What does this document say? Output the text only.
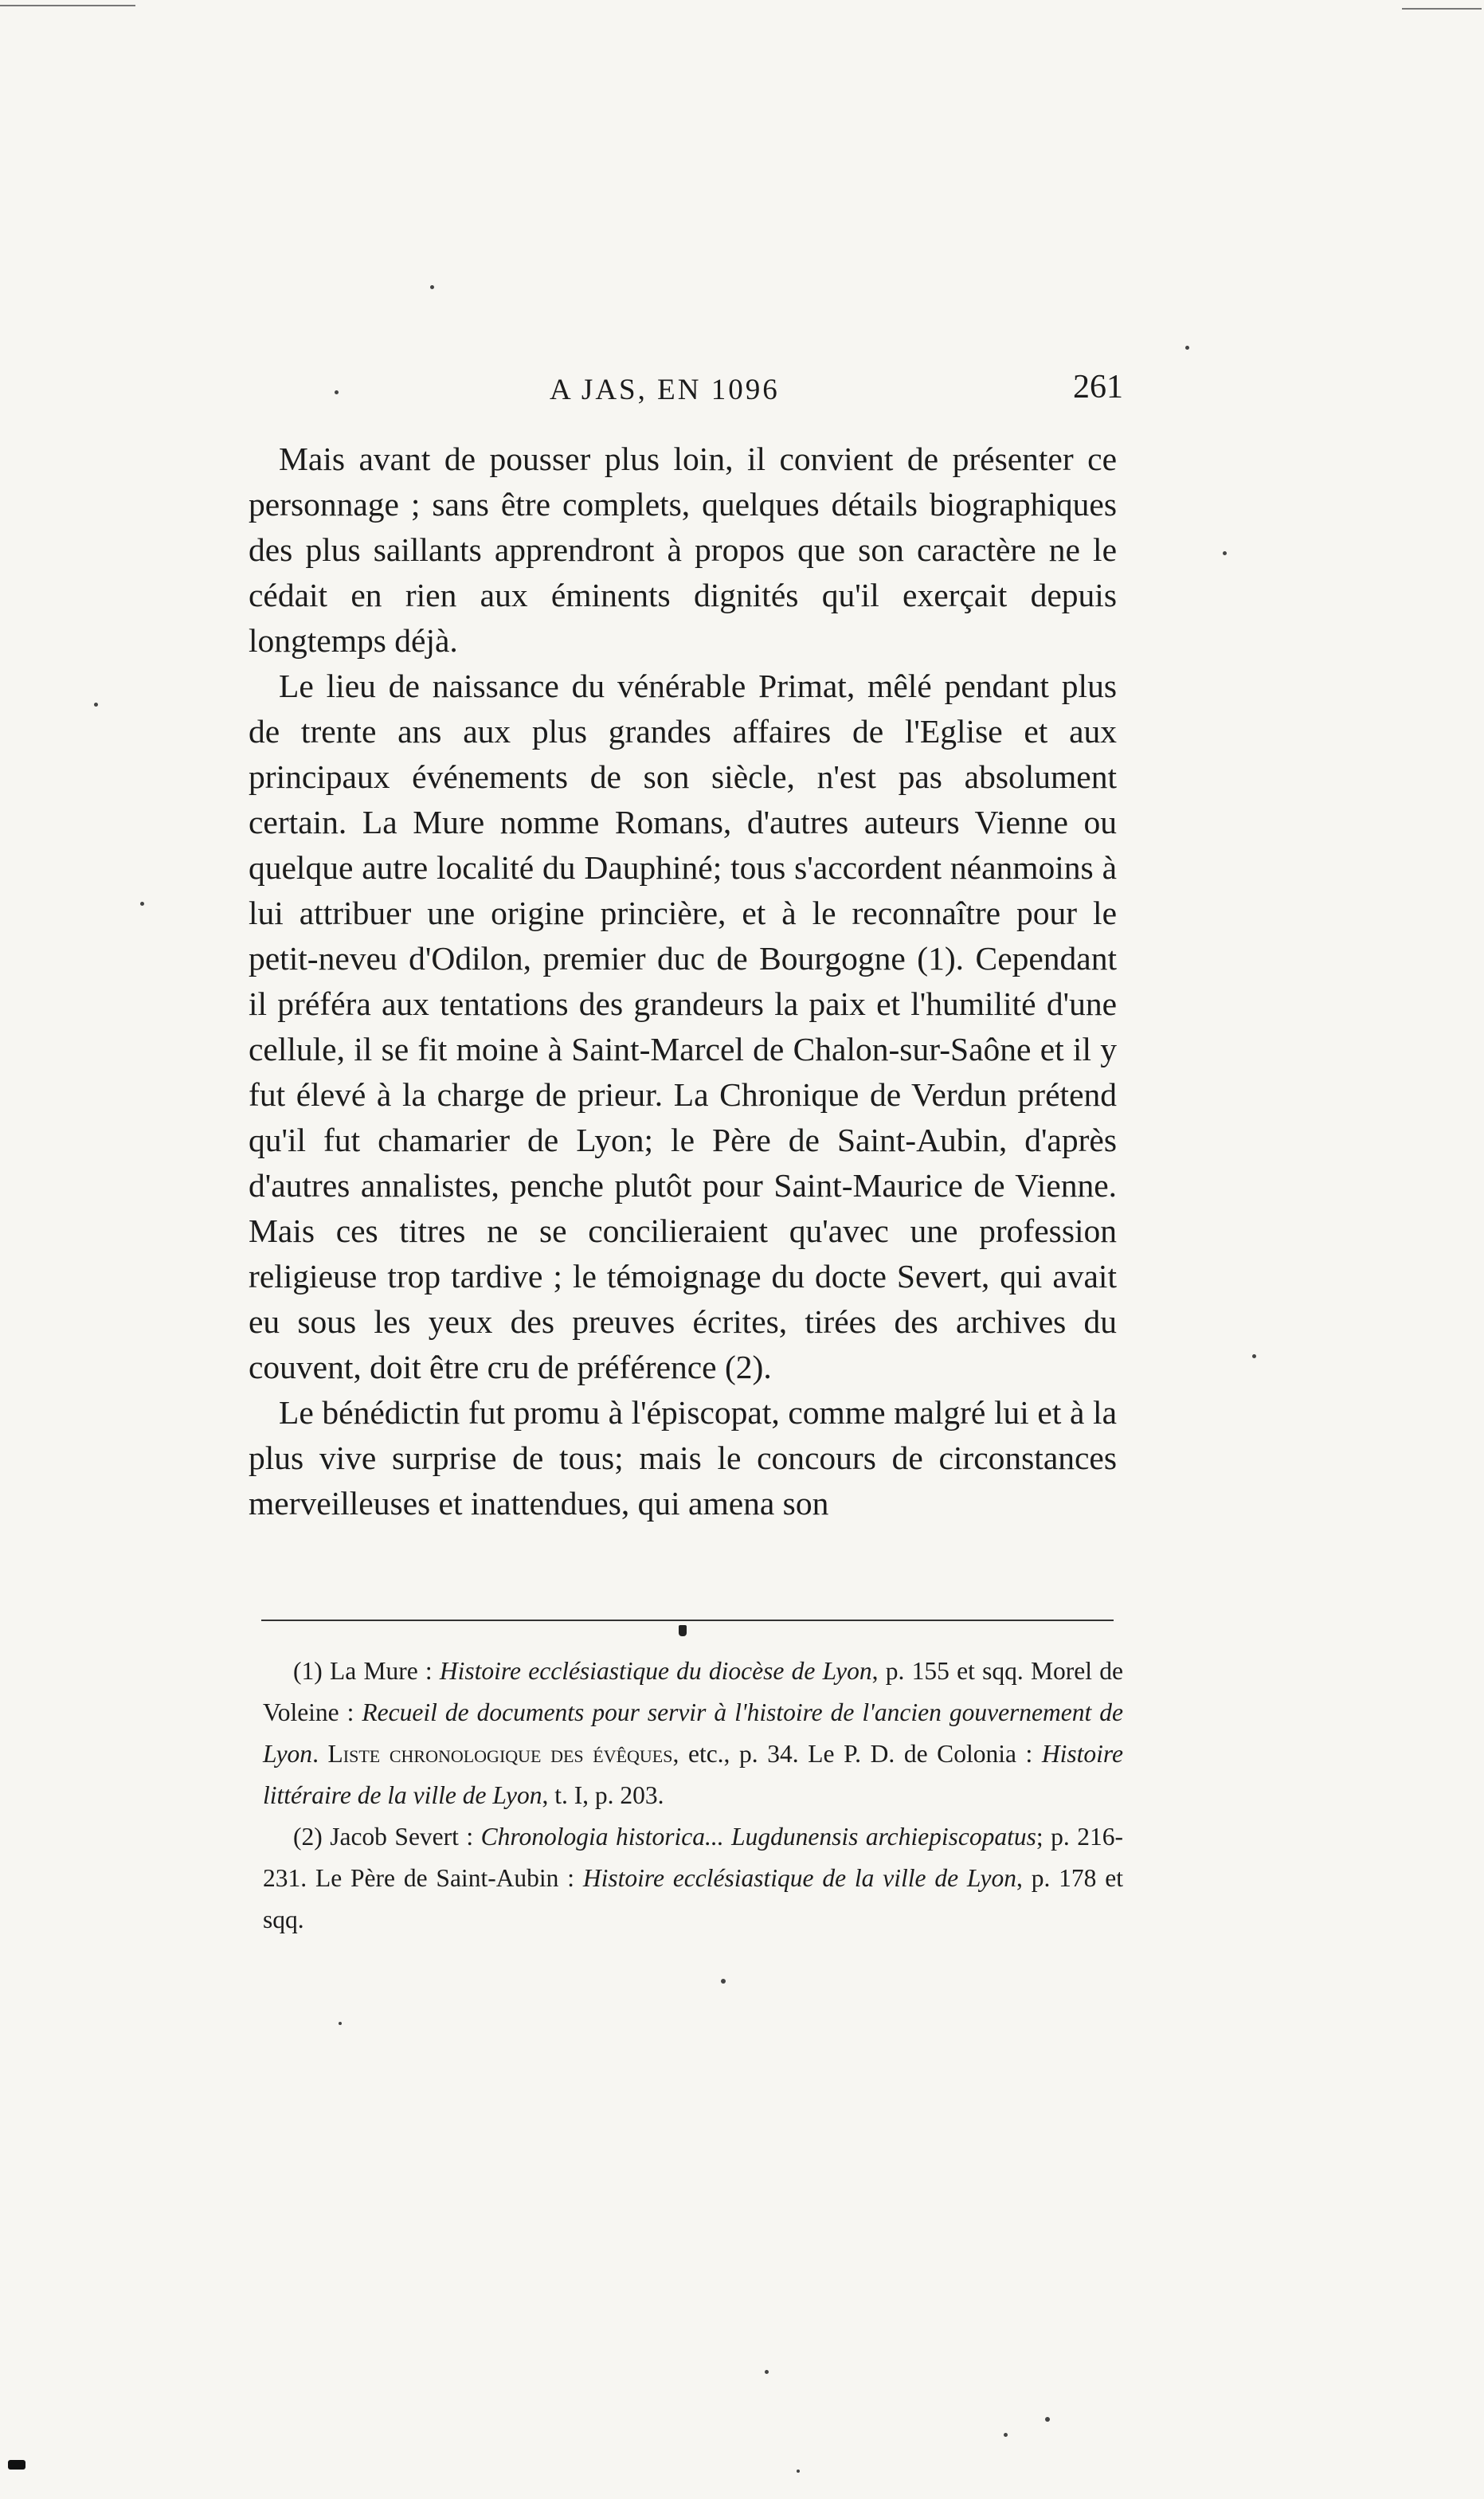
A JAS, EN 1096	261

Mais avant de pousser plus loin, il convient de présenter ce personnage ; sans être complets, quelques détails biographiques des plus saillants apprendront à propos que son caractère ne le cédait en rien aux éminents dignités qu'il exerçait depuis longtemps déjà.

Le lieu de naissance du vénérable Primat, mêlé pendant plus de trente ans aux plus grandes affaires de l'Eglise et aux principaux événements de son siècle, n'est pas absolument certain. La Mure nomme Romans, d'autres auteurs Vienne ou quelque autre localité du Dauphiné; tous s'accordent néanmoins à lui attribuer une origine princière, et à le reconnaître pour le petit-neveu d'Odilon, premier duc de Bourgogne (1). Cependant il préféra aux tentations des grandeurs la paix et l'humilité d'une cellule, il se fit moine à Saint-Marcel de Chalon-sur-Saône et il y fut élevé à la charge de prieur. La Chronique de Verdun prétend qu'il fut chamarier de Lyon; le Père de Saint-Aubin, d'après d'autres annalistes, penche plutôt pour Saint-Maurice de Vienne. Mais ces titres ne se concilieraient qu'avec une profession religieuse trop tardive ; le témoignage du docte Severt, qui avait eu sous les yeux des preuves écrites, tirées des archives du couvent, doit être cru de préférence (2).

Le bénédictin fut promu à l'épiscopat, comme malgré lui et à la plus vive surprise de tous; mais le concours de circonstances merveilleuses et inattendues, qui amena son

(1) La Mure : Histoire ecclésiastique du diocèse de Lyon, p. 155 et sqq. Morel de Voleine : Recueil de documents pour servir à l'histoire de l'ancien gouvernement de Lyon. Liste chronologique des évêques, etc., p. 34. Le P. D. de Colonia : Histoire littéraire de la ville de Lyon, t. I, p. 203.

(2) Jacob Severt : Chronologia historica... Lugdunensis archiepiscopatus; p. 216-231. Le Père de Saint-Aubin : Histoire ecclésiastique de la ville de Lyon, p. 178 et sqq.
